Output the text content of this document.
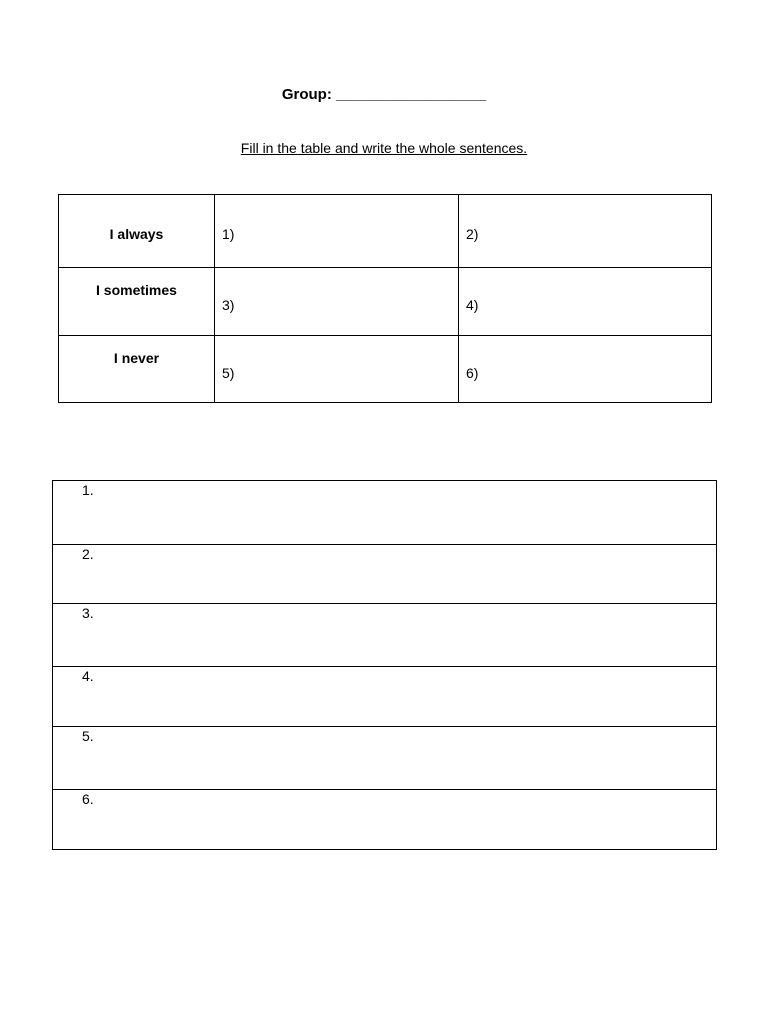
Group: __________________
Fill in the table and write the whole sentences.
I always	1)	2)

I sometimes	3)	4)

I never	5)	6)
1.

2.

3.

4.

5.

6.
